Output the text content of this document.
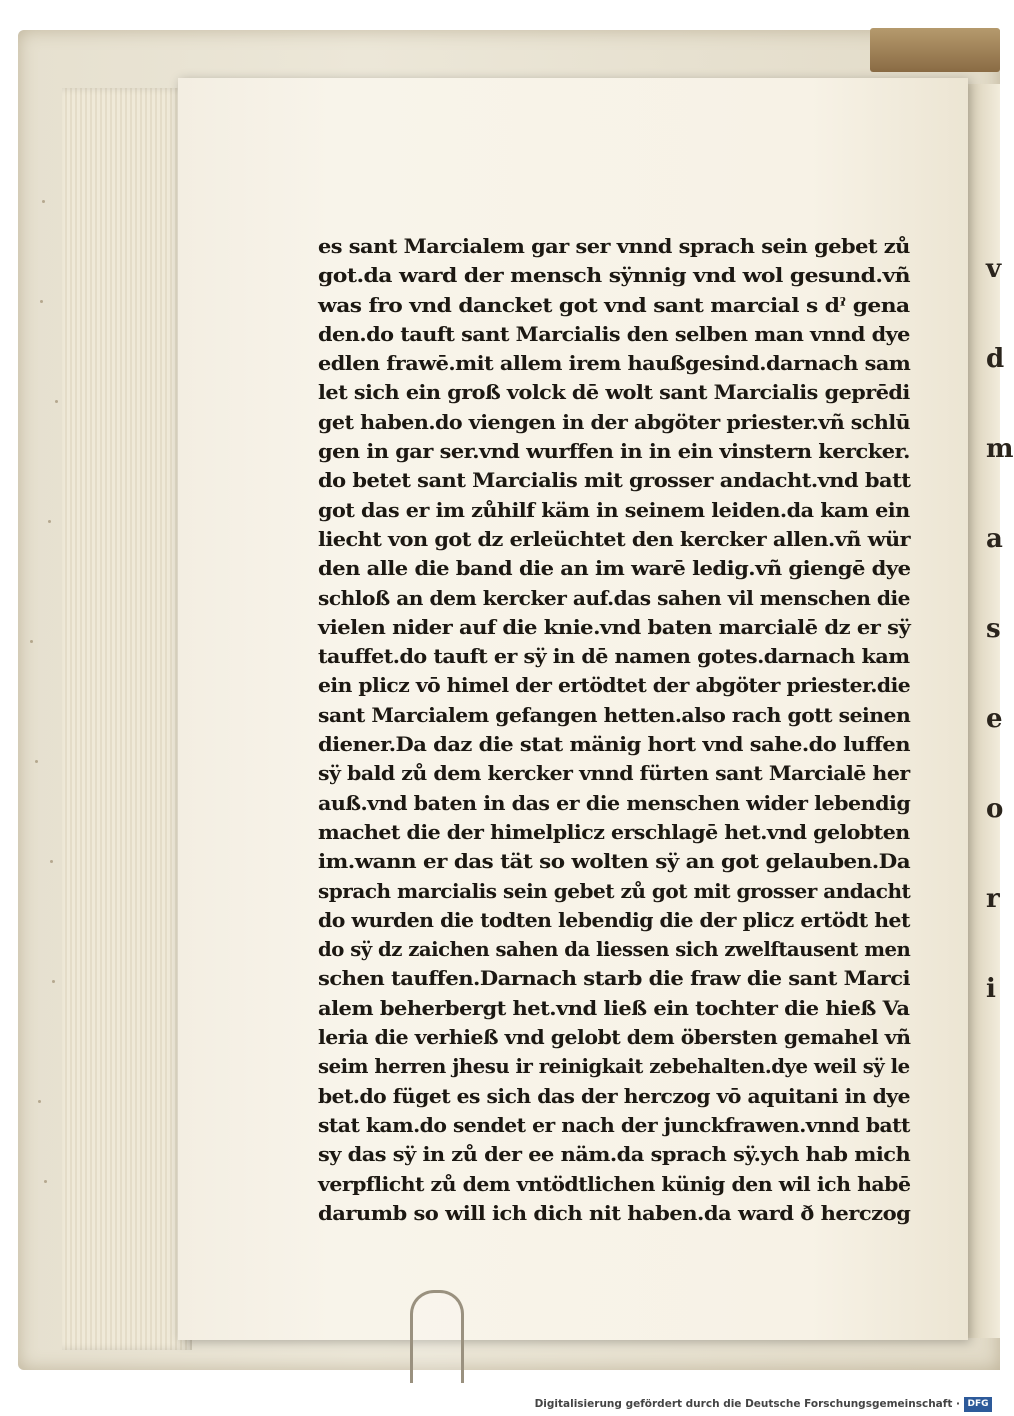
v
d
m
a
s
e
o
r
i
es sant Marcialem gar ser vnnd sprach sein gebet zů
got.da ward der mensch sÿnnig vnd wol gesund.vñ
was fro vnd dancket got vnd sant marcial s dˀ gena
den.do tauft sant Marcialis den selben man vnnd dye
edlen frawē.mit allem irem haußgesind.darnach sam
let sich ein groß volck dē wolt sant Marcialis geprēdi
get haben.do viengen in der abgöter priester.vñ schlū
gen in gar ser.vnd wurffen in in ein vinstern kercker.
do betet sant Marcialis mit grosser andacht.vnd batt
got das er im zůhilf käm in seinem leiden.da kam ein
liecht von got dz erleüchtet den kercker allen.vñ wür
den alle die band die an im warē ledig.vñ giengē dye
schloß an dem kercker auf.das sahen vil menschen die
vielen nider auf die knie.vnd baten marcialē dz er sÿ
tauffet.do tauft er sÿ in dē namen gotes.darnach kam
ein plicz vō himel der ertödtet der abgöter priester.die
sant Marcialem gefangen hetten.also rach gott seinen
diener.Da daz die stat mänig hort vnd sahe.do luffen
sÿ bald zů dem kercker vnnd fürten sant Marcialē her
auß.vnd baten in das er die menschen wider lebendig
machet die der himelplicz erschlagē het.vnd gelobten
im.wann er das tät so wolten sÿ an got gelauben.Da
sprach marcialis sein gebet zů got mit grosser andacht
do wurden die todten lebendig die der plicz ertödt het
do sÿ dz zaichen sahen da liessen sich zwelftausent men
schen tauffen.Darnach starb die fraw die sant Marci
alem beherbergt het.vnd ließ ein tochter die hieß Va
leria die verhieß vnd gelobt dem öbersten gemahel vñ
seim herren jhesu ir reinigkait zebehalten.dye weil sÿ le
bet.do füget es sich das der herczog vō aquitani in dye
stat kam.do sendet er nach der junckfrawen.vnnd batt
sy das sÿ in zů der ee näm.da sprach sÿ.ych hab mich
verpflicht zů dem vntödtlichen künig den wil ich habē
darumb so will ich dich nit haben.da ward ð herczog
Digitalisierung gefördert durch die Deutsche Forschungsgemeinschaft · DFG
